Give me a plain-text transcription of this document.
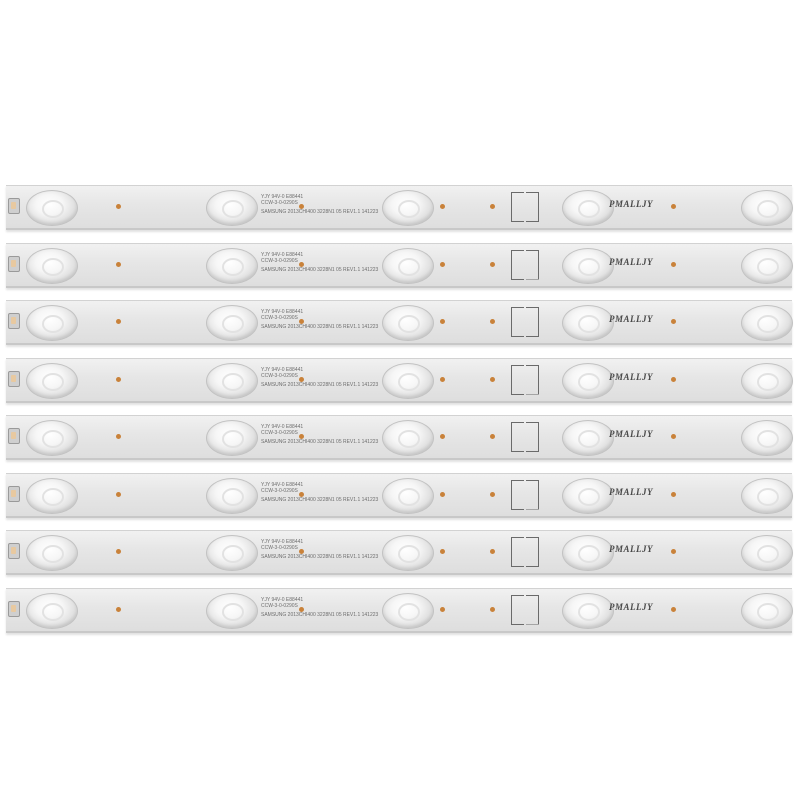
YJY 94V-0 E88441
CCW-3-0-0290S
SAMSUNG 2013CHI400 3228N1 05 REV1.1 141223
PMALLJY
YJY 94V-0 E88441
CCW-3-0-0290S
SAMSUNG 2013CHI400 3228N1 05 REV1.1 141223
PMALLJY
YJY 94V-0 E88441
CCW-3-0-0290S
SAMSUNG 2013CHI400 3228N1 05 REV1.1 141223
PMALLJY
YJY 94V-0 E88441
CCW-3-0-0290S
SAMSUNG 2013CHI400 3228N1 05 REV1.1 141223
PMALLJY
YJY 94V-0 E88441
CCW-3-0-0290S
SAMSUNG 2013CHI400 3228N1 05 REV1.1 141223
PMALLJY
YJY 94V-0 E88441
CCW-3-0-0290S
SAMSUNG 2013CHI400 3228N1 05 REV1.1 141223
PMALLJY
YJY 94V-0 E88441
CCW-3-0-0290S
SAMSUNG 2013CHI400 3228N1 05 REV1.1 141223
PMALLJY
YJY 94V-0 E88441
CCW-3-0-0290S
SAMSUNG 2013CHI400 3228N1 05 REV1.1 141223
PMALLJY
